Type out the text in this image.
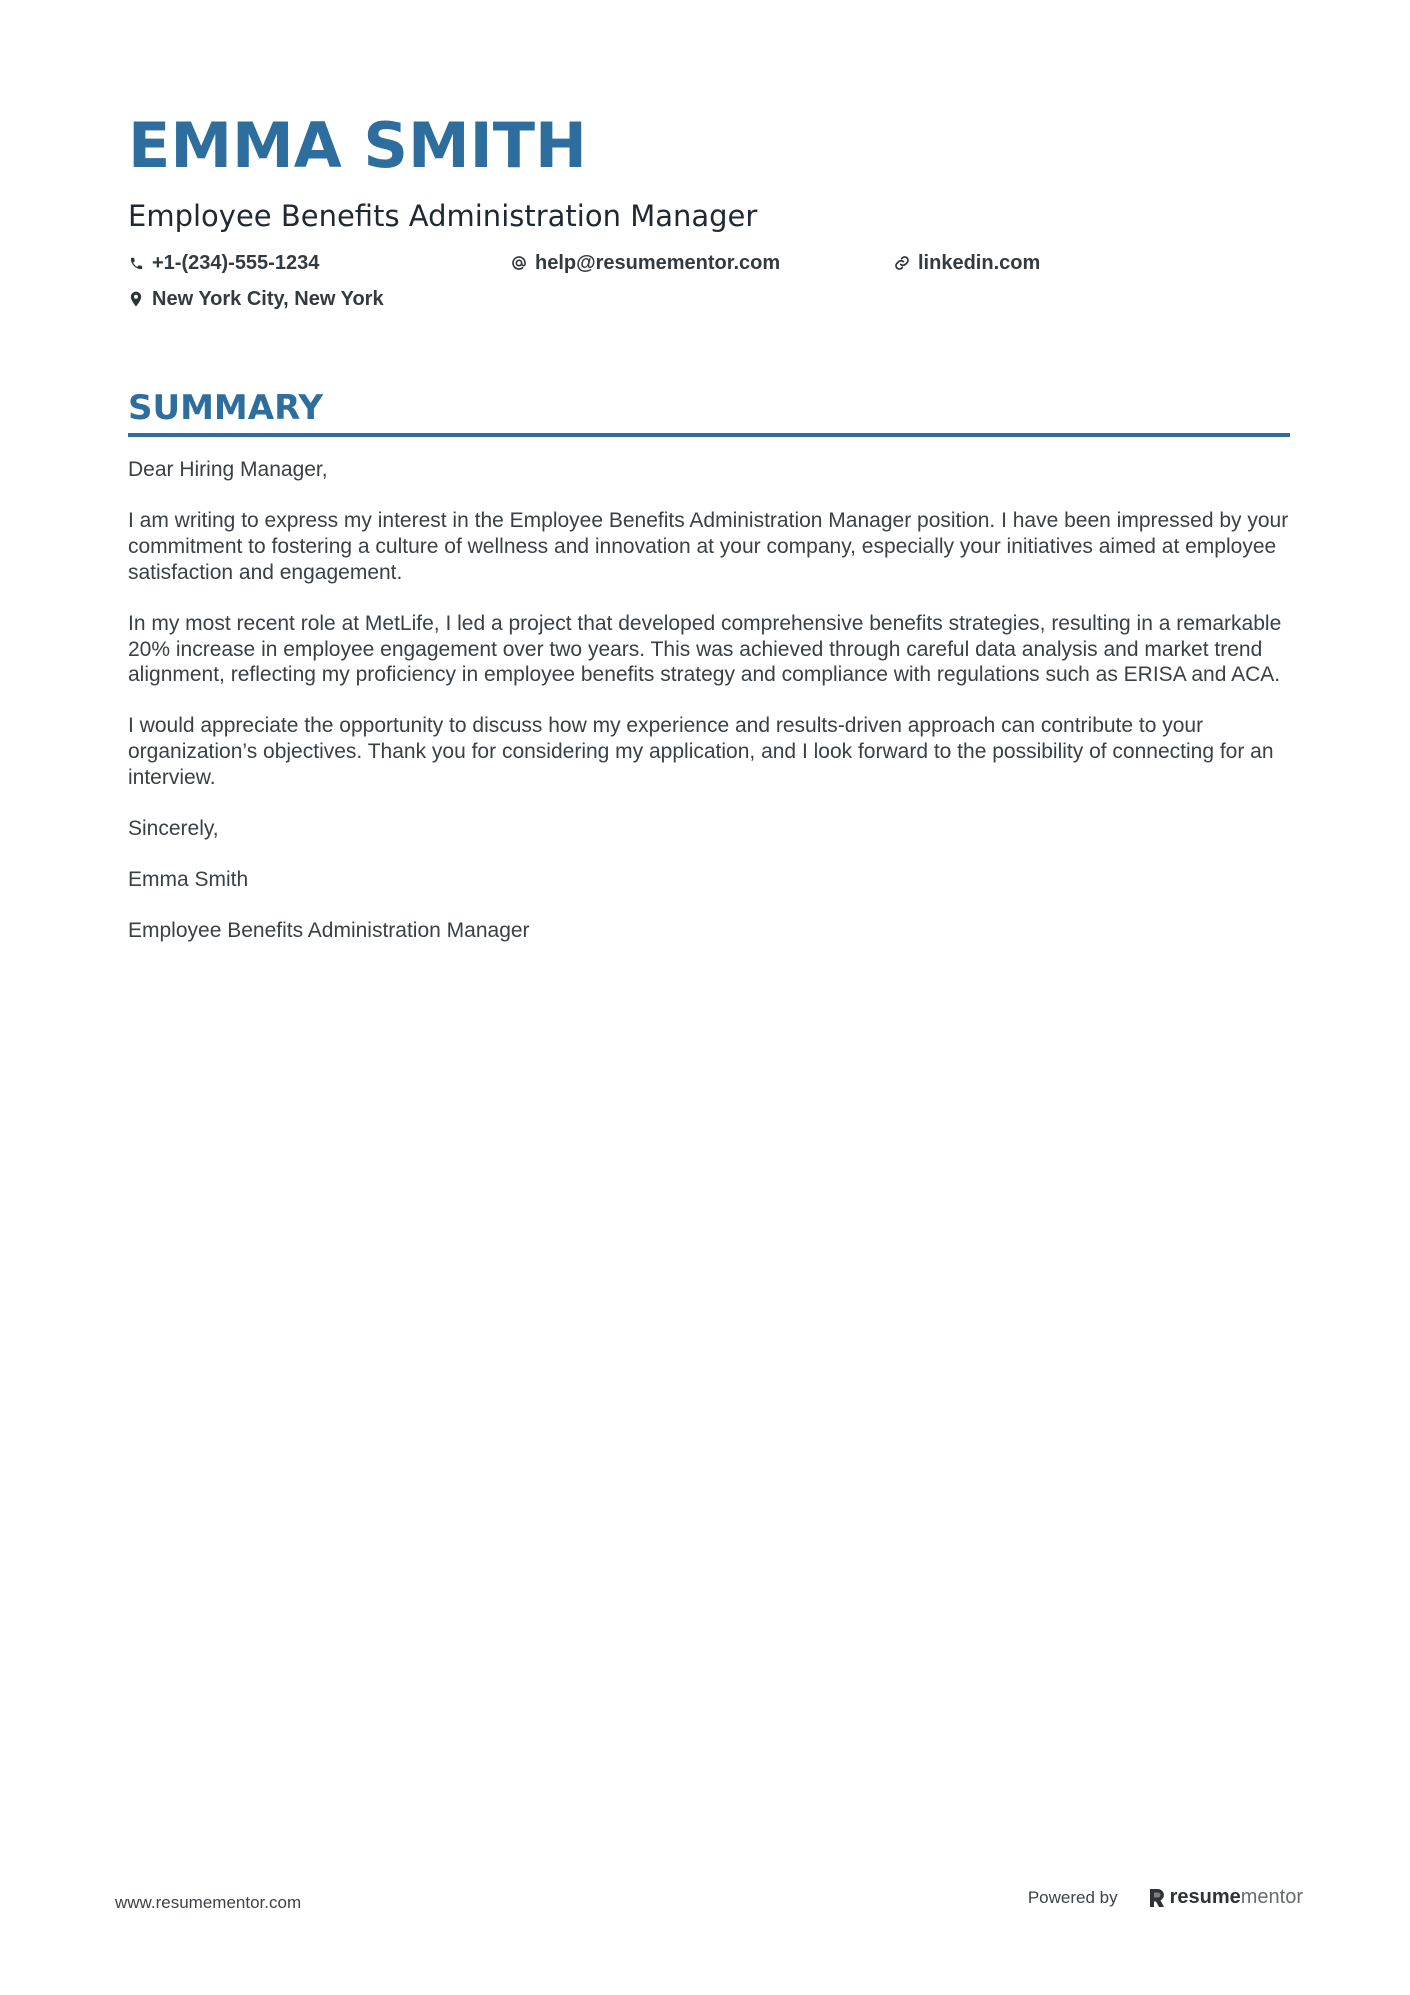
EMMA SMITH
Employee Benefits Administration Manager
+1-(234)-555-1234	help@resumementor.com	linkedin.com
New York City, New York
SUMMARY

Dear Hiring Manager,

I am writing to express my interest in the Employee Benefits Administration Manager position. I have been impressed by your commitment to fostering a culture of wellness and innovation at your company, especially your initiatives aimed at employee satisfaction and engagement.

In my most recent role at MetLife, I led a project that developed comprehensive benefits strategies, resulting in a remarkable 20% increase in employee engagement over two years. This was achieved through careful data analysis and market trend alignment, reflecting my proficiency in employee benefits strategy and compliance with regulations such as ERISA and ACA.

I would appreciate the opportunity to discuss how my experience and results-driven approach can contribute to your organization’s objectives. Thank you for considering my application, and I look forward to the possibility of connecting for an interview.

Sincerely,

Emma Smith

Employee Benefits Administration Manager

www.resumementor.com	Powered by	resume mentor
